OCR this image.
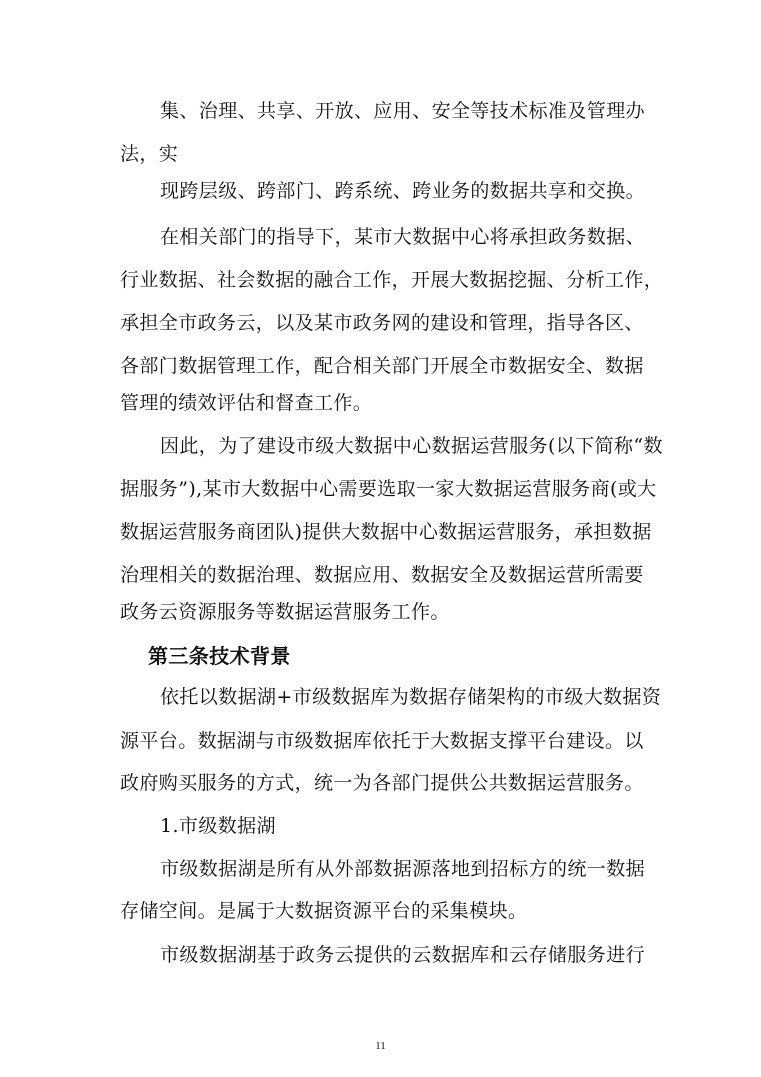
集、治理、共享、开放、应用、安全等技术标准及管理办
法，实
现跨层级、跨部门、跨系统、跨业务的数据共享和交换。
在相关部门的指导下，某市大数据中心将承担政务数据、
行业数据、社会数据的融合工作，开展大数据挖掘、分析工作，
承担全市政务云，以及某市政务网的建设和管理，指导各区、
各部门数据管理工作，配合相关部门开展全市数据安全、数据
管理的绩效评估和督查工作。
因此，为了建设市级大数据中心数据运营服务(以下简称“数
据服务”),某市大数据中心需要选取一家大数据运营服务商(或大
数据运营服务商团队)提供大数据中心数据运营服务，承担数据
治理相关的数据治理、数据应用、数据安全及数据运营所需要
政务云资源服务等数据运营服务工作。
第三条技术背景
依托以数据湖+市级数据库为数据存储架构的市级大数据资
源平台。数据湖与市级数据库依托于大数据支撑平台建设。以
政府购买服务的方式，统一为各部门提供公共数据运营服务。
1.市级数据湖
市级数据湖是所有从外部数据源落地到招标方的统一数据
存储空间。是属于大数据资源平台的采集模块。
市级数据湖基于政务云提供的云数据库和云存储服务进行
11
